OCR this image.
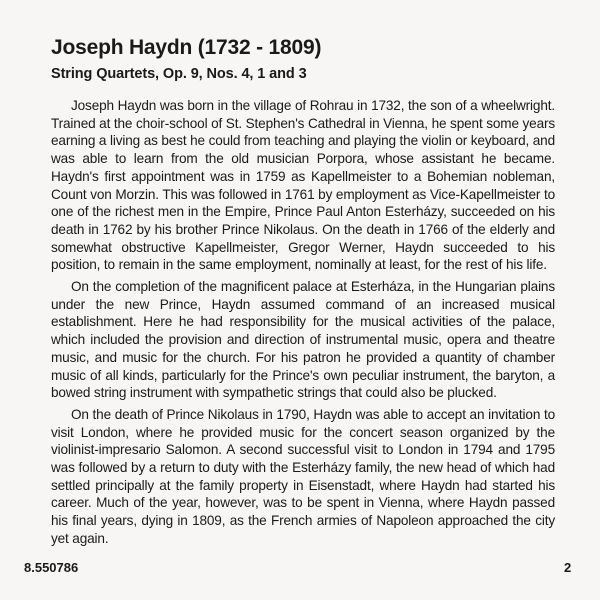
Joseph Haydn (1732 - 1809)
String Quartets, Op. 9, Nos. 4, 1 and 3

Joseph Haydn was born in the village of Rohrau in 1732, the son of a wheelwright. Trained at the choir-school of St. Stephen's Cathedral in Vienna, he spent some years earning a living as best he could from teaching and playing the violin or keyboard, and was able to learn from the old musician Porpora, whose assistant he became. Haydn's first appointment was in 1759 as Kapellmeister to a Bohemian nobleman, Count von Morzin. This was followed in 1761 by employment as Vice-Kapellmeister to one of the richest men in the Empire, Prince Paul Anton Esterházy, succeeded on his death in 1762 by his brother Prince Nikolaus. On the death in 1766 of the elderly and somewhat obstructive Kapellmeister, Gregor Werner, Haydn succeeded to his position, to remain in the same employment, nominally at least, for the rest of his life.

On the completion of the magnificent palace at Esterháza, in the Hungarian plains under the new Prince, Haydn assumed command of an increased musical establishment. Here he had responsibility for the musical activities of the palace, which included the provision and direction of instrumental music, opera and theatre music, and music for the church. For his patron he provided a quantity of chamber music of all kinds, particularly for the Prince's own peculiar instrument, the baryton, a bowed string instrument with sympathetic strings that could also be plucked.

On the death of Prince Nikolaus in 1790, Haydn was able to accept an invitation to visit London, where he provided music for the concert season organized by the violinist-impresario Salomon. A second successful visit to London in 1794 and 1795 was followed by a return to duty with the Esterházy family, the new head of which had settled principally at the family property in Eisenstadt, where Haydn had started his career. Much of the year, however, was to be spent in Vienna, where Haydn passed his final years, dying in 1809, as the French armies of Napoleon approached the city yet again.

8.550786	2
